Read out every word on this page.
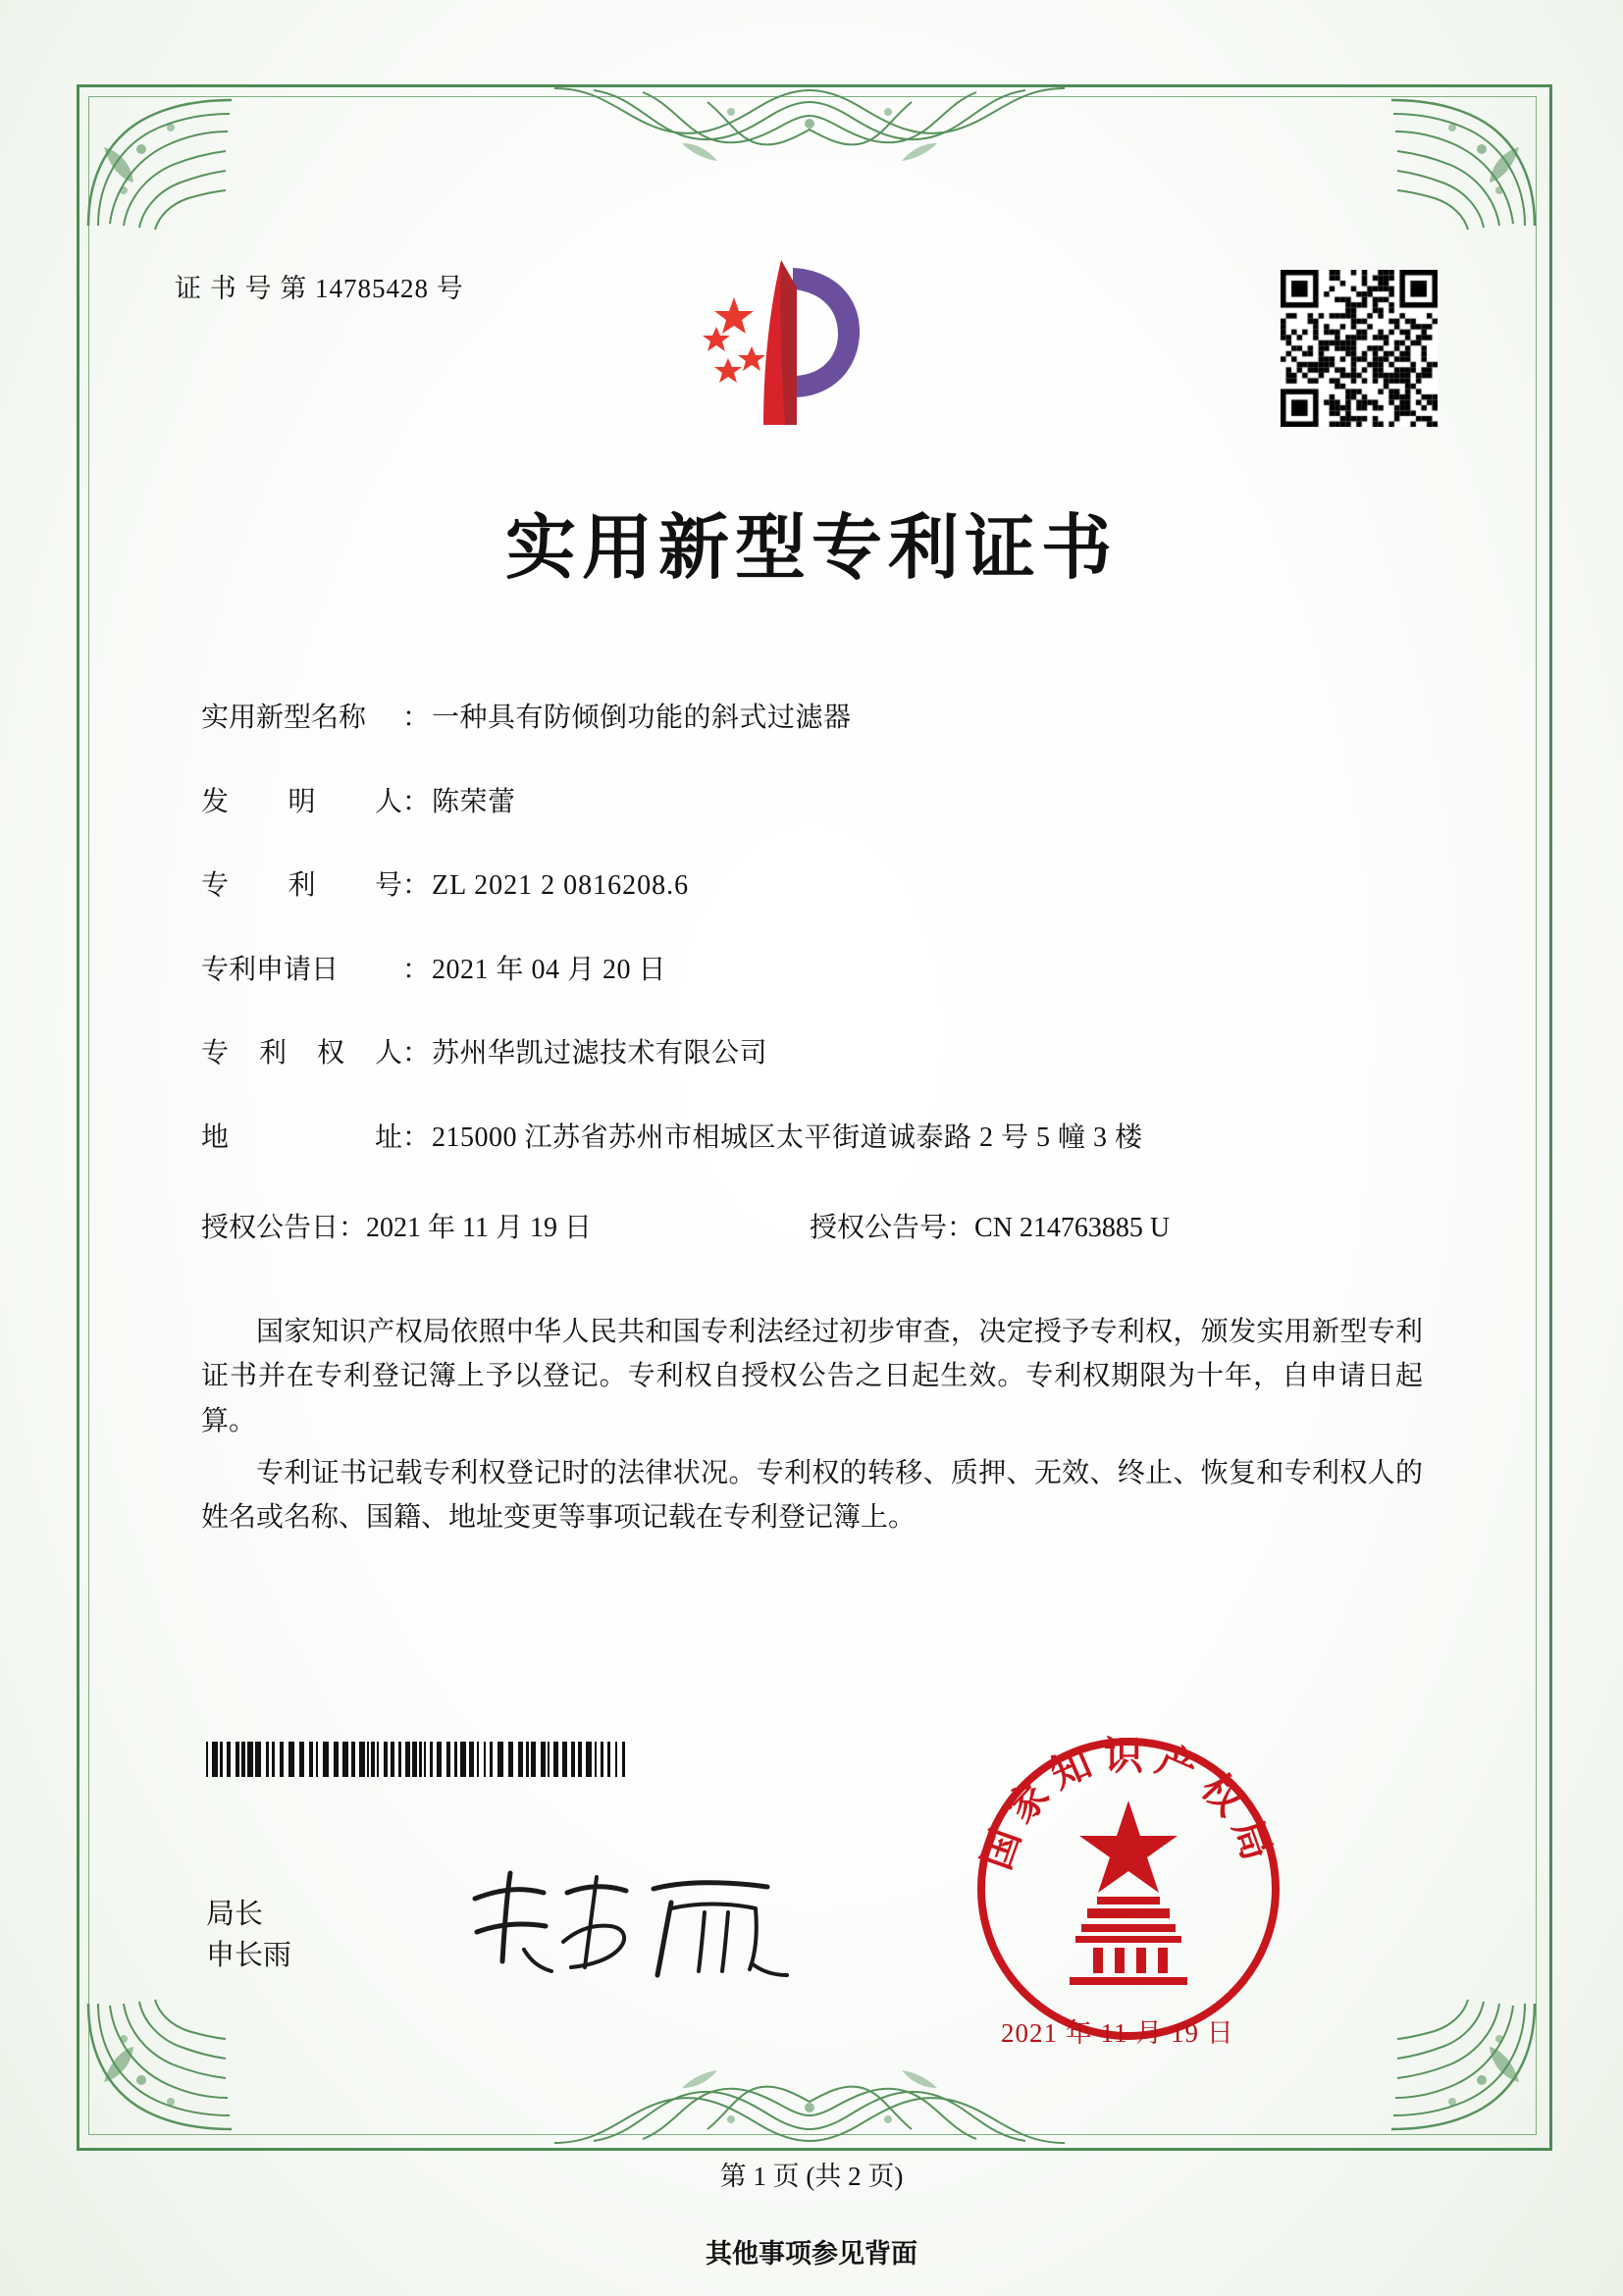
证 书 号 第 14785428 号
实用新型专利证书
实用新型名称	： 一种具有防倾倒功能的斜式过滤器
发 明 人 ： 陈荣蕾
专 利 号 ： ZL 2021 2 0816208.6
专利申请日	： 2021 年 04 月 20 日
专 利 权 人 ： 苏州华凯过滤技术有限公司
地	址 ： 215000 江苏省苏州市相城区太平街道诚泰路 2 号 5 幢 3 楼
授权公告日：2021 年 11 月 19 日	授权公告号：CN 214763885 U

国家知识产权局依照中华人民共和国专利法经过初步审查，决定授予专利权，颁发实用新型专利证书并在专利登记簿上予以登记。专利权自授权公告之日起生效。专利权期限为十年，自申请日起算。

专利证书记载专利权登记时的法律状况。专利权的转移、质押、无效、终止、恢复和专利权人的姓名或名称、国籍、地址变更等事项记载在专利登记簿上。

局长
申长雨
国家知识产权局
2021 年 11 月 19 日
第 1 页 (共 2 页)
其他事项参见背面
